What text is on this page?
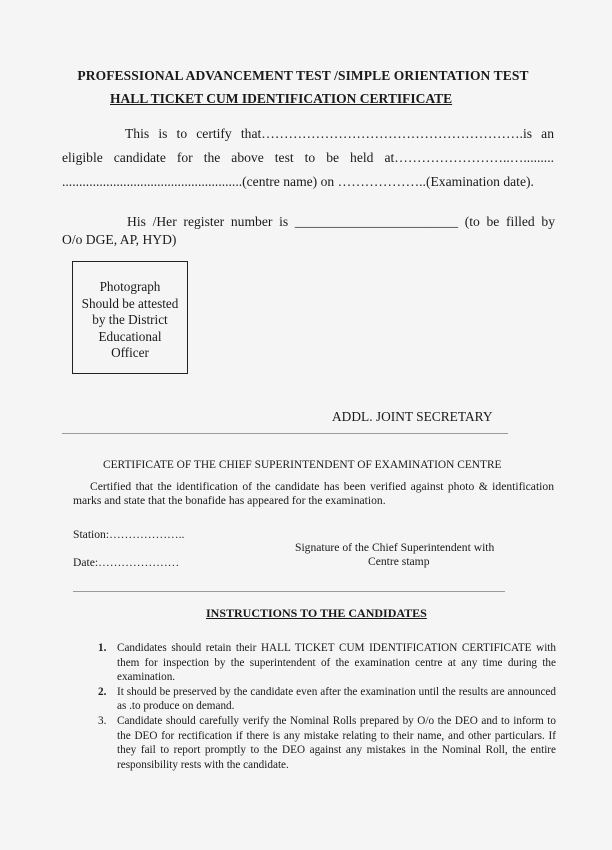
PROFESSIONAL ADVANCEMENT TEST /SIMPLE ORIENTATION TEST
HALL TICKET CUM IDENTIFICATION CERTIFICATE
This is to certify that………………………………………………….is an
eligible candidate for the above test to be held at……………………..….........
.....................................................(centre name) on ………………..(Examination date).
His /Her register number is ________________________ (to be filled by
O/o DGE, AP, HYD)
Photograph
Should be attested
by the District
Educational
Officer
ADDL. JOINT SECRETARY
CERTIFICATE OF THE CHIEF SUPERINTENDENT OF EXAMINATION CENTRE
Certified that the identification of the candidate has been verified against photo & identification
marks and state that the bonafide has appeared for the examination.
Station:………………..
Signature of the Chief Superintendent with
Date:…………………	Centre stamp
INSTRUCTIONS TO THE CANDIDATES
1. Candidates should retain their HALL TICKET CUM IDENTIFICATION CERTIFICATE with them for inspection by the superintendent of the examination centre at any time during the examination.
2. It should be preserved by the candidate even after the examination until the results are announced as .to produce on demand.
3. Candidate should carefully verify the Nominal Rolls prepared by O/o the DEO and to inform to the DEO for rectification if there is any mistake relating to their name, and other particulars. If they fail to report promptly to the DEO against any mistakes in the Nominal Roll, the entire responsibility rests with the candidate.
